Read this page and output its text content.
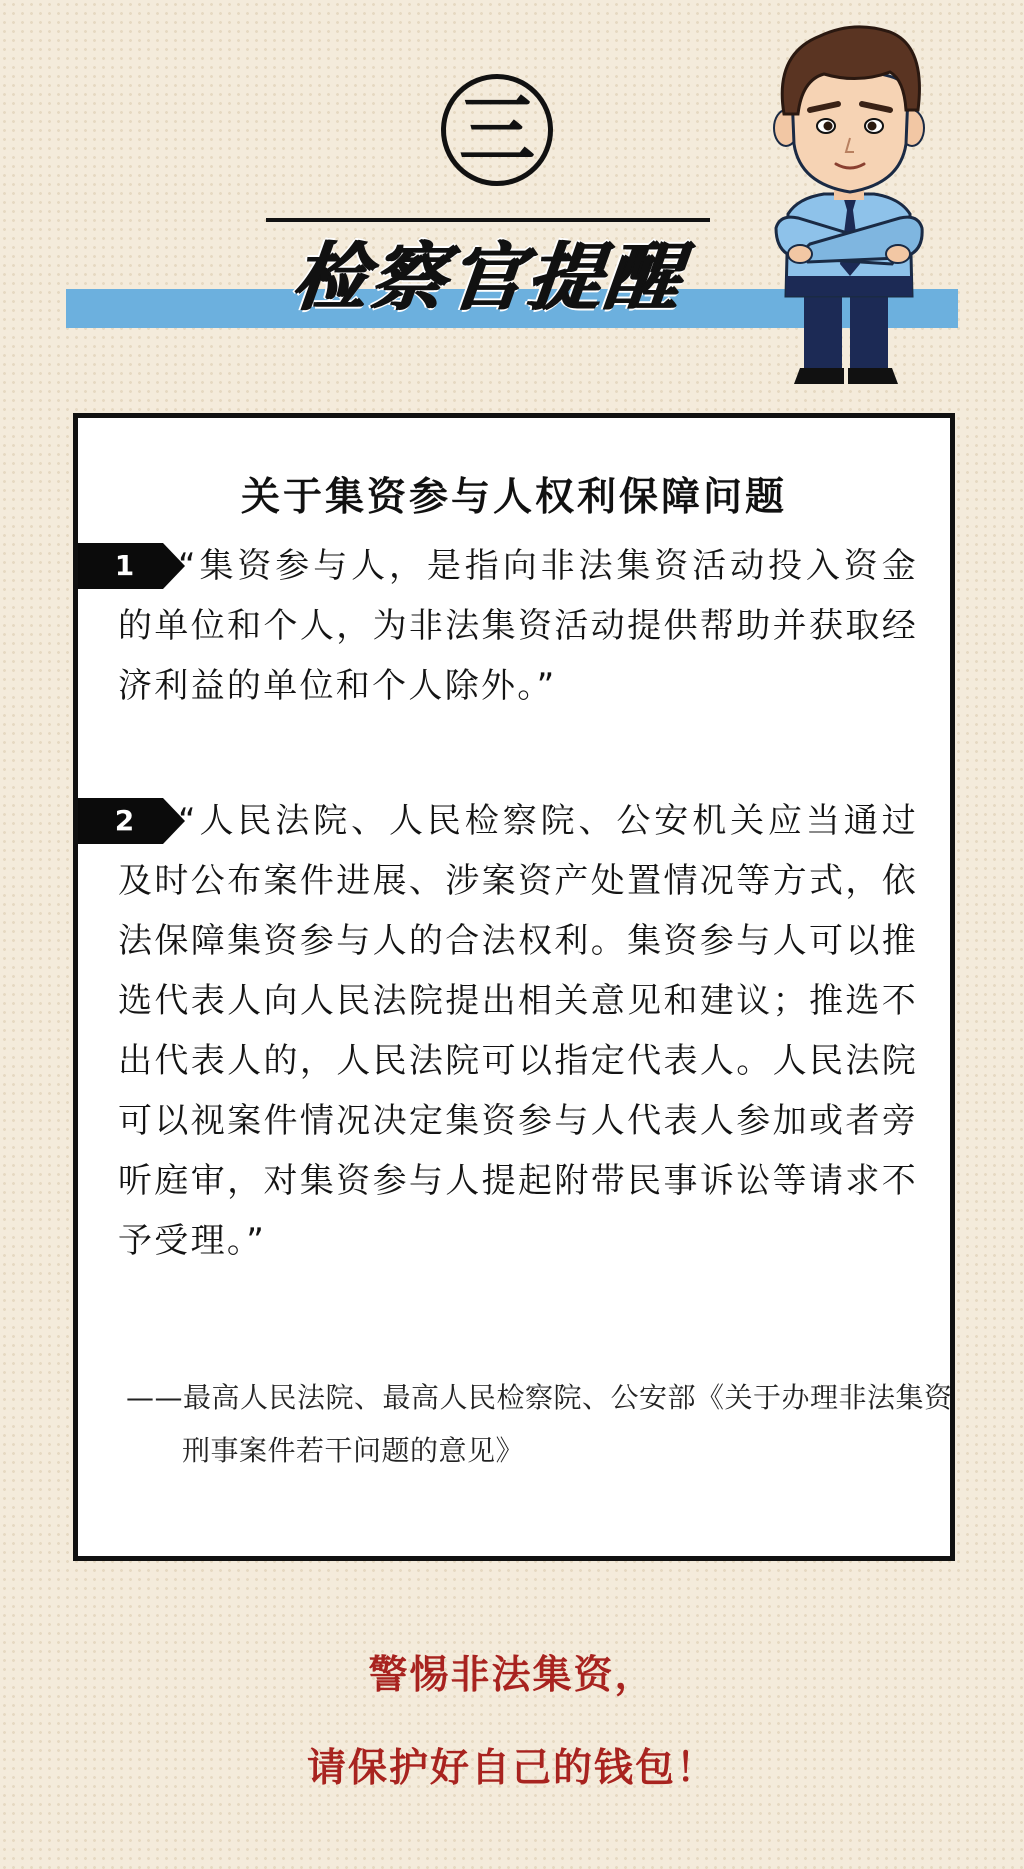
三
检察官提醒
关于集资参与人权利保障问题
1	“集资参与人，是指向非法集资活动投入资金的单位和个人，为非法集资活动提供帮助并获取经济利益的单位和个人除外。”
2	“人民法院、人民检察院、公安机关应当通过及时公布案件进展、涉案资产处置情况等方式，依法保障集资参与人的合法权利。集资参与人可以推选代表人向人民法院提出相关意见和建议；推选不出代表人的，人民法院可以指定代表人。人民法院可以视案件情况决定集资参与人代表人参加或者旁听庭审，对集资参与人提起附带民事诉讼等请求不予受理。”
——最高人民法院、最高人民检察院、公安部《关于办理非法集资刑事案件若干问题的意见》
警惕非法集资，
请保护好自己的钱包！
